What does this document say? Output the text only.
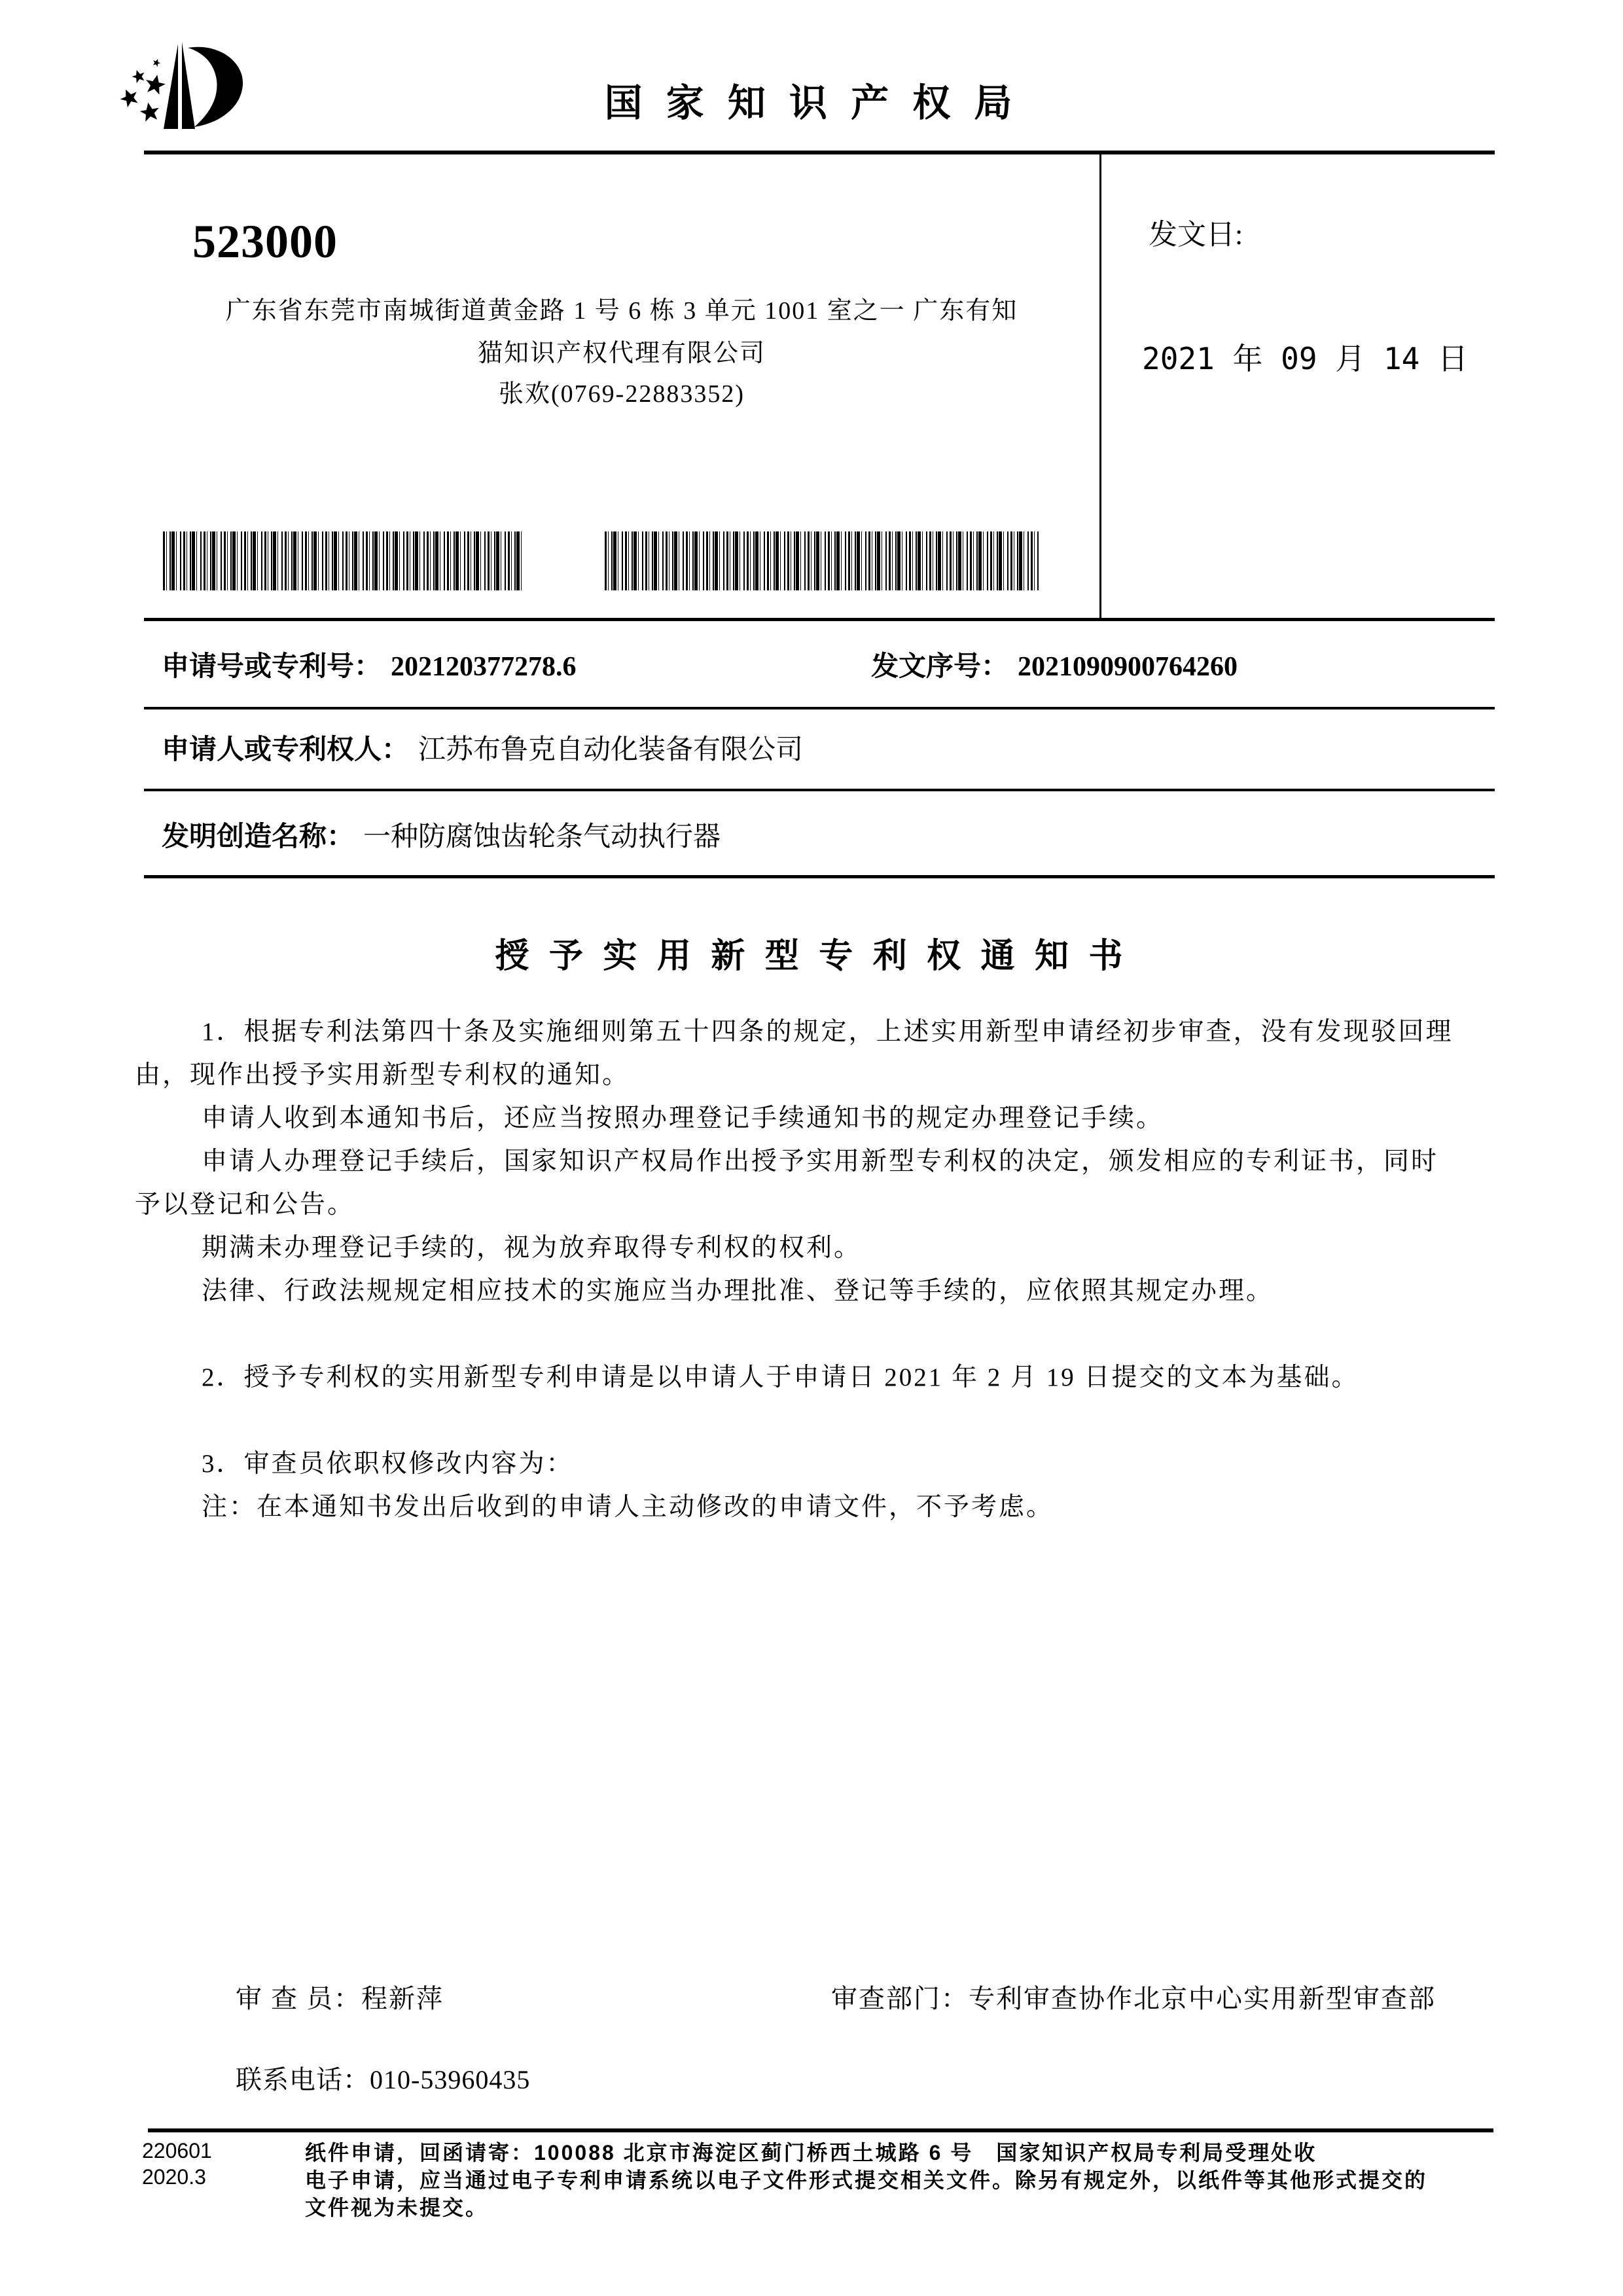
国 家 知 识 产 权 局
523000
广东省东莞市南城街道黄金路 1 号 6 栋 3 单元 1001 室之一 广东有知
猫知识产权代理有限公司
张欢(0769-22883352)
发文日:
2021 年 09 月 14 日
申请号或专利号： 202120377278.6	发文序号： 2021090900764260
申请人或专利权人： 江苏布鲁克自动化装备有限公司
发明创造名称： 一种防腐蚀齿轮条气动执行器
授 予 实 用 新 型 专 利 权 通 知 书
1．根据专利法第四十条及实施细则第五十四条的规定，上述实用新型申请经初步审查，没有发现驳回理
由，现作出授予实用新型专利权的通知。
申请人收到本通知书后，还应当按照办理登记手续通知书的规定办理登记手续。
申请人办理登记手续后，国家知识产权局作出授予实用新型专利权的决定，颁发相应的专利证书，同时
予以登记和公告。
期满未办理登记手续的，视为放弃取得专利权的权利。
法律、行政法规规定相应技术的实施应当办理批准、登记等手续的，应依照其规定办理。
2．授予专利权的实用新型专利申请是以申请人于申请日 2021 年 2 月 19 日提交的文本为基础。
3．审查员依职权修改内容为：
注：在本通知书发出后收到的申请人主动修改的申请文件，不予考虑。
审 查 员：程新萍	审查部门：专利审查协作北京中心实用新型审查部
联系电话：010-53960435
220601
2020.3
纸件申请，回函请寄：100088 北京市海淀区蓟门桥西土城路 6 号　国家知识产权局专利局受理处收
电子申请，应当通过电子专利申请系统以电子文件形式提交相关文件。除另有规定外，以纸件等其他形式提交的
文件视为未提交。
